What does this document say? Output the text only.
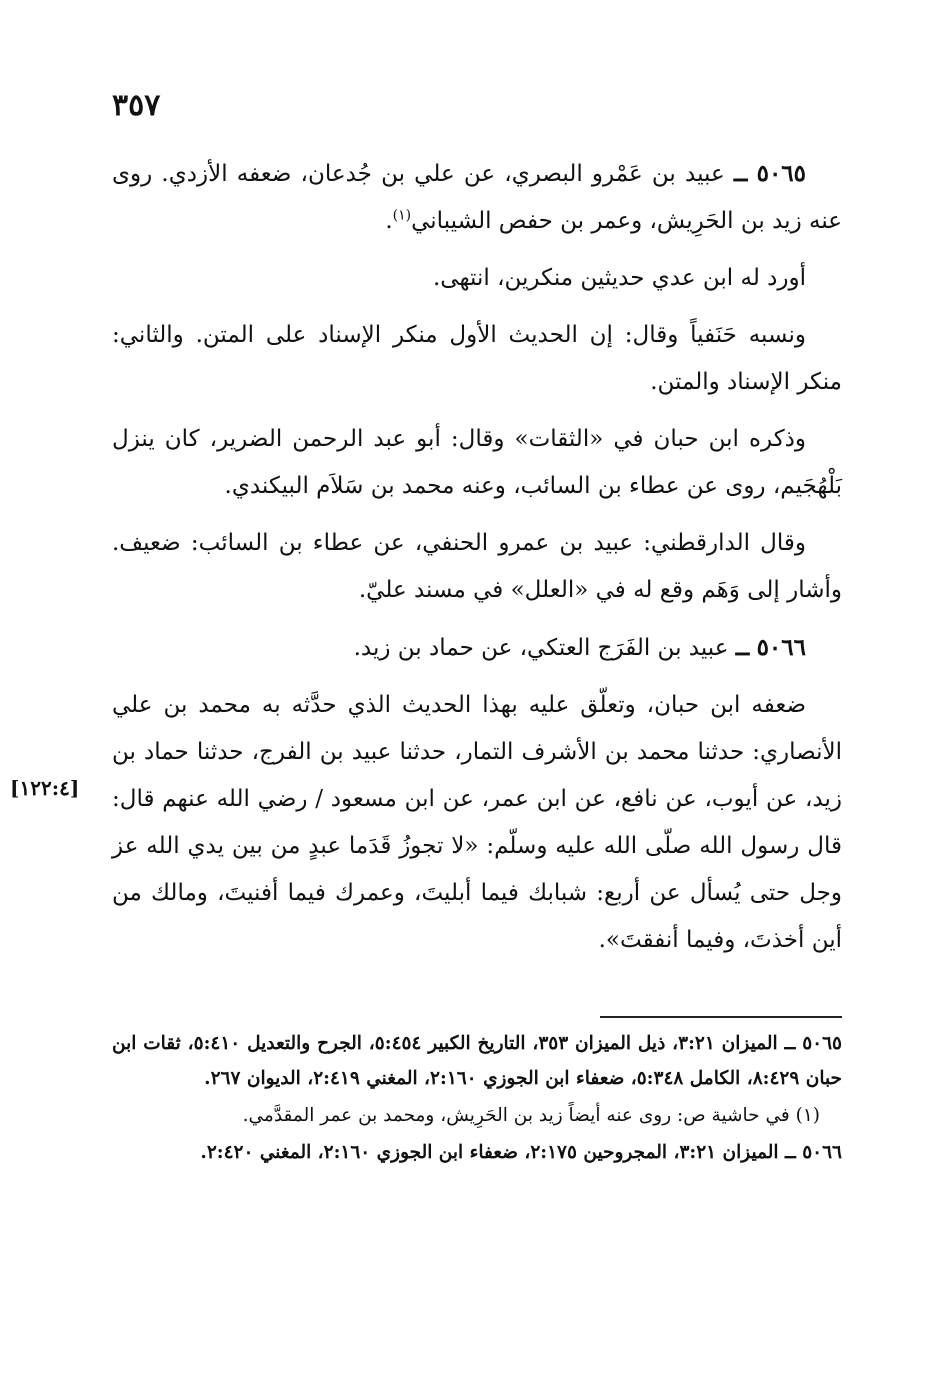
٣٥٧
[١٢٢:٤]

٥٠٦٥ ــ عبيد بن عَمْرو البصري، عن علي بن جُدعان، ضعفه الأزدي. روى عنه زيد بن الحَرِيش، وعمر بن حفص الشيباني$^{(١)}$.

أورد له ابن عدي حديثين منكرين، انتهى.

ونسبه حَنَفياً وقال: إن الحديث الأول منكر الإسناد على المتن. والثاني: منكر الإسناد والمتن.

وذكره ابن حبان في «الثقات» وقال: أبو عبد الرحمن الضرير، كان ينزل بَلْهُجَيم، روى عن عطاء بن السائب، وعنه محمد بن سَلاَم البيكندي.

وقال الدارقطني: عبيد بن عمرو الحنفي، عن عطاء بن السائب: ضعيف. وأشار إلى وَهَم وقع له في «العلل» في مسند عليّ.

٥٠٦٦ ــ عبيد بن الفَرَج العتكي، عن حماد بن زيد.

ضعفه ابن حبان، وتعلّق عليه بهذا الحديث الذي حدَّثه به محمد بن علي الأنصاري: حدثنا محمد بن الأشرف التمار، حدثنا عبيد بن الفرج، حدثنا حماد بن زيد، عن أيوب، عن نافع، عن ابن عمر، عن ابن مسعود / رضي الله عنهم قال: قال رسول الله صلّى الله عليه وسلّم: «لا تجوزُ قَدَما عبدٍ من بين يدي الله عز وجل حتى يُسأل عن أربع: شبابك فيما أبليتَ، وعمرك فيما أفنيتَ، ومالك من أين أخذتَ، وفيما أنفقتَ».

٥٠٦٥ ــ الميزان ٣:٢١، ذيل الميزان ٣٥٣، التاريخ الكبير ٥:٤٥٤، الجرح والتعديل ٥:٤١٠، ثقات ابن حبان ٨:٤٢٩، الكامل ٥:٣٤٨، ضعفاء ابن الجوزي ٢:١٦٠، المغني ٢:٤١٩، الديوان ٢٦٧.

(١) في حاشية ص: روى عنه أيضاً زيد بن الحَرِيش، ومحمد بن عمر المقدَّمي.

٥٠٦٦ ــ الميزان ٣:٢١، المجروحين ٢:١٧٥، ضعفاء ابن الجوزي ٢:١٦٠، المغني ٢:٤٢٠.
